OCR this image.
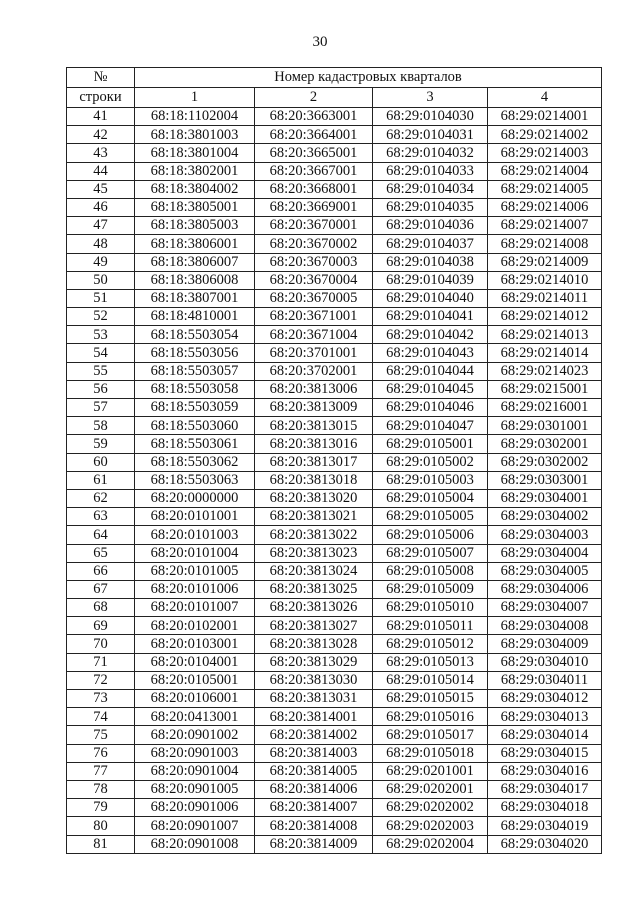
30
№	Номер кадастровых кварталов			
строки	1	2	3	4
41	68:18:1102004	68:20:3663001	68:29:0104030	68:29:0214001
42	68:18:3801003	68:20:3664001	68:29:0104031	68:29:0214002
43	68:18:3801004	68:20:3665001	68:29:0104032	68:29:0214003
44	68:18:3802001	68:20:3667001	68:29:0104033	68:29:0214004
45	68:18:3804002	68:20:3668001	68:29:0104034	68:29:0214005
46	68:18:3805001	68:20:3669001	68:29:0104035	68:29:0214006
47	68:18:3805003	68:20:3670001	68:29:0104036	68:29:0214007
48	68:18:3806001	68:20:3670002	68:29:0104037	68:29:0214008
49	68:18:3806007	68:20:3670003	68:29:0104038	68:29:0214009
50	68:18:3806008	68:20:3670004	68:29:0104039	68:29:0214010
51	68:18:3807001	68:20:3670005	68:29:0104040	68:29:0214011
52	68:18:4810001	68:20:3671001	68:29:0104041	68:29:0214012
53	68:18:5503054	68:20:3671004	68:29:0104042	68:29:0214013
54	68:18:5503056	68:20:3701001	68:29:0104043	68:29:0214014
55	68:18:5503057	68:20:3702001	68:29:0104044	68:29:0214023
56	68:18:5503058	68:20:3813006	68:29:0104045	68:29:0215001
57	68:18:5503059	68:20:3813009	68:29:0104046	68:29:0216001
58	68:18:5503060	68:20:3813015	68:29:0104047	68:29:0301001
59	68:18:5503061	68:20:3813016	68:29:0105001	68:29:0302001
60	68:18:5503062	68:20:3813017	68:29:0105002	68:29:0302002
61	68:18:5503063	68:20:3813018	68:29:0105003	68:29:0303001
62	68:20:0000000	68:20:3813020	68:29:0105004	68:29:0304001
63	68:20:0101001	68:20:3813021	68:29:0105005	68:29:0304002
64	68:20:0101003	68:20:3813022	68:29:0105006	68:29:0304003
65	68:20:0101004	68:20:3813023	68:29:0105007	68:29:0304004
66	68:20:0101005	68:20:3813024	68:29:0105008	68:29:0304005
67	68:20:0101006	68:20:3813025	68:29:0105009	68:29:0304006
68	68:20:0101007	68:20:3813026	68:29:0105010	68:29:0304007
69	68:20:0102001	68:20:3813027	68:29:0105011	68:29:0304008
70	68:20:0103001	68:20:3813028	68:29:0105012	68:29:0304009
71	68:20:0104001	68:20:3813029	68:29:0105013	68:29:0304010
72	68:20:0105001	68:20:3813030	68:29:0105014	68:29:0304011
73	68:20:0106001	68:20:3813031	68:29:0105015	68:29:0304012
74	68:20:0413001	68:20:3814001	68:29:0105016	68:29:0304013
75	68:20:0901002	68:20:3814002	68:29:0105017	68:29:0304014
76	68:20:0901003	68:20:3814003	68:29:0105018	68:29:0304015
77	68:20:0901004	68:20:3814005	68:29:0201001	68:29:0304016
78	68:20:0901005	68:20:3814006	68:29:0202001	68:29:0304017
79	68:20:0901006	68:20:3814007	68:29:0202002	68:29:0304018
80	68:20:0901007	68:20:3814008	68:29:0202003	68:29:0304019
81	68:20:0901008	68:20:3814009	68:29:0202004	68:29:0304020
